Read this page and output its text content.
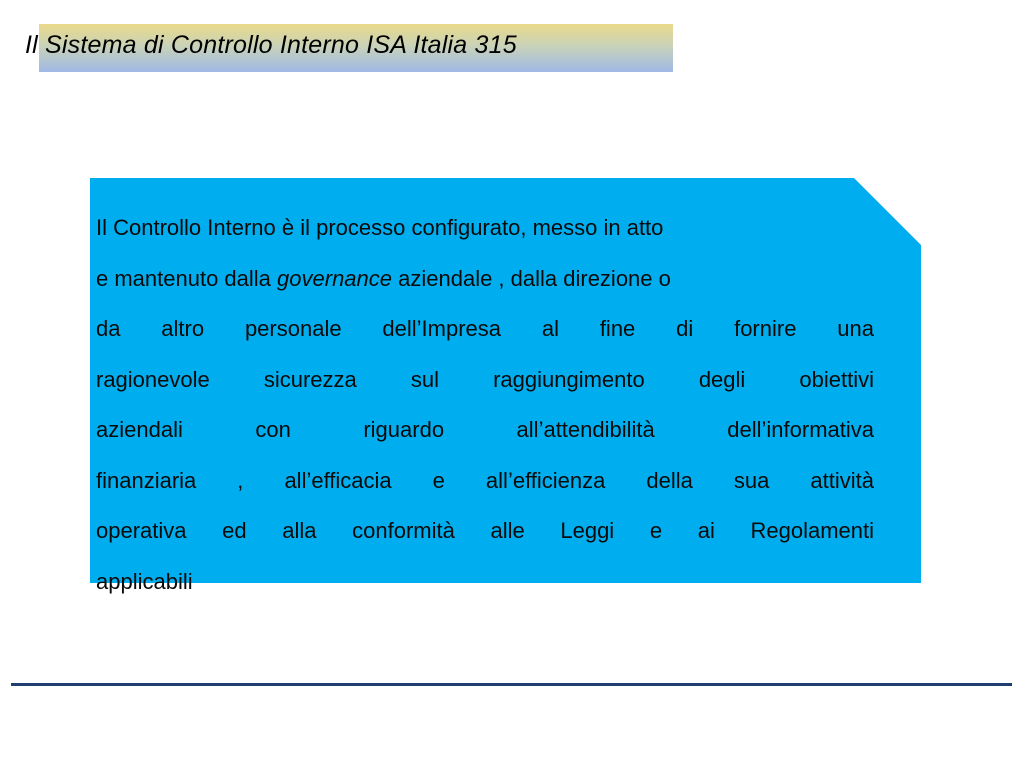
Il Sistema di Controllo Interno ISA Italia 315
Il Controllo Interno è il processo configurato, messo in atto
e mantenuto dalla governance aziendale , dalla direzione o
da altro personale dell’Impresa al fine di fornire una
ragionevole sicurezza sul raggiungimento degli obiettivi
aziendali con riguardo all’attendibilità dell’informativa
finanziaria , all’efficacia e all’efficienza della sua attività
operativa ed alla conformità alle Leggi e ai Regolamenti
applicabili
